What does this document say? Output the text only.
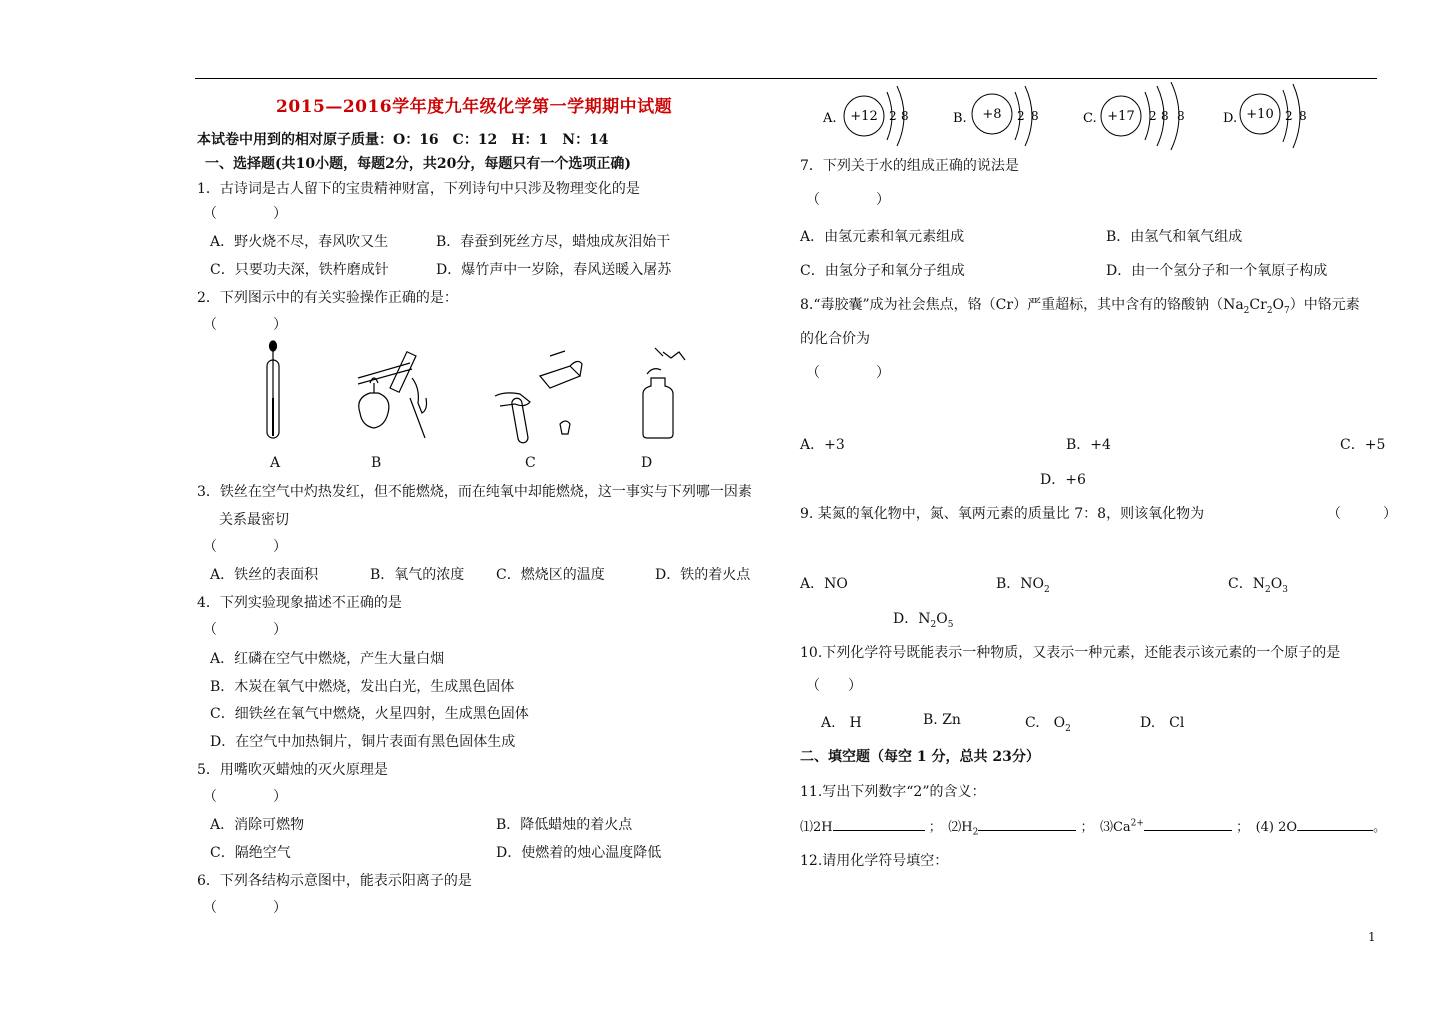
2015—2016学年度九年级化学第一学期期中试题
本试卷中用到的相对原子质量：O：16　C：12　H：1　N：14
一、选择题(共10小题，每题2分，共20分，每题只有一个选项正确)
1．古诗词是古人留下的宝贵精神财富，下列诗句中只涉及物理变化的是
（　　　　）
A．野火烧不尽，春风吹又生	B．春蚕到死丝方尽，蜡烛成灰泪始干
C．只要功夫深，铁杵磨成针	D．爆竹声中一岁除，春风送暖入屠苏
2．下列图示中的有关实验操作正确的是：
（　　　　）
A	B	C	D
3．铁丝在空气中灼热发红，但不能燃烧，而在纯氧中却能燃烧，这一事实与下列哪一因素
关系最密切
（　　　　）
A．铁丝的表面积	B．氧气的浓度 C．燃烧区的温度	D．铁的着火点
4．下列实验现象描述不正确的是
（　　　　）
A．红磷在空气中燃烧，产生大量白烟
B．木炭在氧气中燃烧，发出白光，生成黑色固体
C．细铁丝在氧气中燃烧，火星四射，生成黑色固体
D．在空气中加热铜片，铜片表面有黑色固体生成
5．用嘴吹灭蜡烛的灭火原理是
（　　　　）
A．消除可燃物	B．降低蜡烛的着火点
C．隔绝空气	D．使燃着的烛心温度降低
6．下列各结构示意图中，能表示阳离子的是
（　　　　）
A. +12 2 8	B. +8 2 8	C. +17 2 8 8	D. +10 2 8
7．下列关于水的组成正确的说法是
（　　　　）
A．由氢元素和氧元素组成	B．由氢气和氧气组成
C．由氢分子和氧分子组成	D．由一个氢分子和一个氧原子构成
8.“毒胶囊”成为社会焦点，铬（Cr）严重超标，其中含有的铬酸钠$(Na_2Cr_2O_7)$中铬元素
的化合价为
（　　　　）
A．+3	B．+4	C．+5
D．+6
9. 某氮的氧化物中，氮、氧两元素的质量比 7：8，则该氧化物为	（　　　）
A．NO	B．$NO_2$	C．$N_2O_3$
D．$N_2O_5$
10.下列化学符号既能表示一种物质，又表示一种元素，还能表示该元素的一个原子的是
（　　）
A.　H	B. Zn	C.　$O_2$	D.　Cl
二、填空题（每空 1 分，总共 23分）
11.写出下列数字“2”的含义：
⑴2H	；　$⑵H_2$	；　$⑶Ca^{2+}$	；　(4) 2O	。
12.请用化学符号填空：
1
